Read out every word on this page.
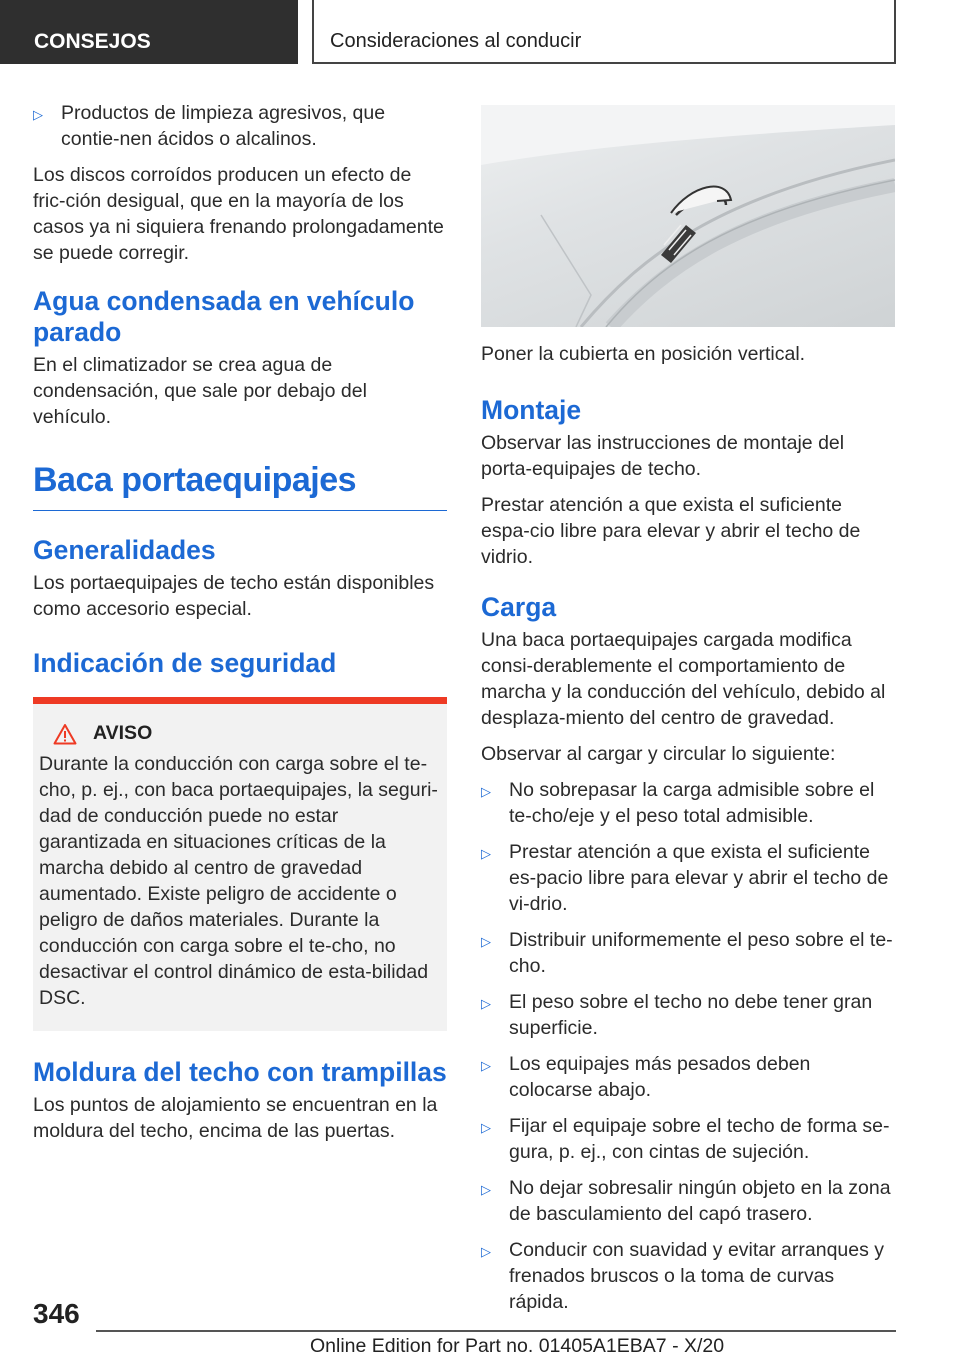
CONSEJOS	Consideraciones al conducir
▷ Productos de limpieza agresivos, que contie-nen ácidos o alcalinos.

Los discos corroídos producen un efecto de fric-ción desigual, que en la mayoría de los casos ya ni siquiera frenando prolongadamente se puede corregir.

Agua condensada en vehículo parado

En el climatizador se crea agua de condensación, que sale por debajo del vehículo.

Baca portaequipajes
Generalidades

Los portaequipajes de techo están disponibles como accesorio especial.

Indicación de seguridad
AVISO

Durante la conducción con carga sobre el te-cho, p. ej., con baca portaequipajes, la seguri-dad de conducción puede no estar garantizada en situaciones críticas de la marcha debido al centro de gravedad aumentado. Existe peligro de accidente o peligro de daños materiales. Durante la conducción con carga sobre el te-cho, no desactivar el control dinámico de esta-bilidad DSC.

Moldura del techo con trampillas

Los puntos de alojamiento se encuentran en la moldura del techo, encima de las puertas.

Poner la cubierta en posición vertical.

Montaje

Observar las instrucciones de montaje del porta-equipajes de techo.

Prestar atención a que exista el suficiente espa-cio libre para elevar y abrir el techo de vidrio.

Carga

Una baca portaequipajes cargada modifica consi-derablemente el comportamiento de marcha y la conducción del vehículo, debido al desplaza-miento del centro de gravedad.

Observar al cargar y circular lo siguiente:

▷ No sobrepasar la carga admisible sobre el te-cho/eje y el peso total admisible.
▷ Prestar atención a que exista el suficiente es-pacio libre para elevar y abrir el techo de vi-drio.
▷ Distribuir uniformemente el peso sobre el te-cho.
▷ El peso sobre el techo no debe tener gran superficie.
▷ Los equipajes más pesados deben colocarse abajo.
▷ Fijar el equipaje sobre el techo de forma se-gura, p. ej., con cintas de sujeción.
▷ No dejar sobresalir ningún objeto en la zona de basculamiento del capó trasero.
▷ Conducir con suavidad y evitar arranques y frenados bruscos o la toma de curvas rápida.
346
Online Edition for Part no. 01405A1EBA7 - X/20
